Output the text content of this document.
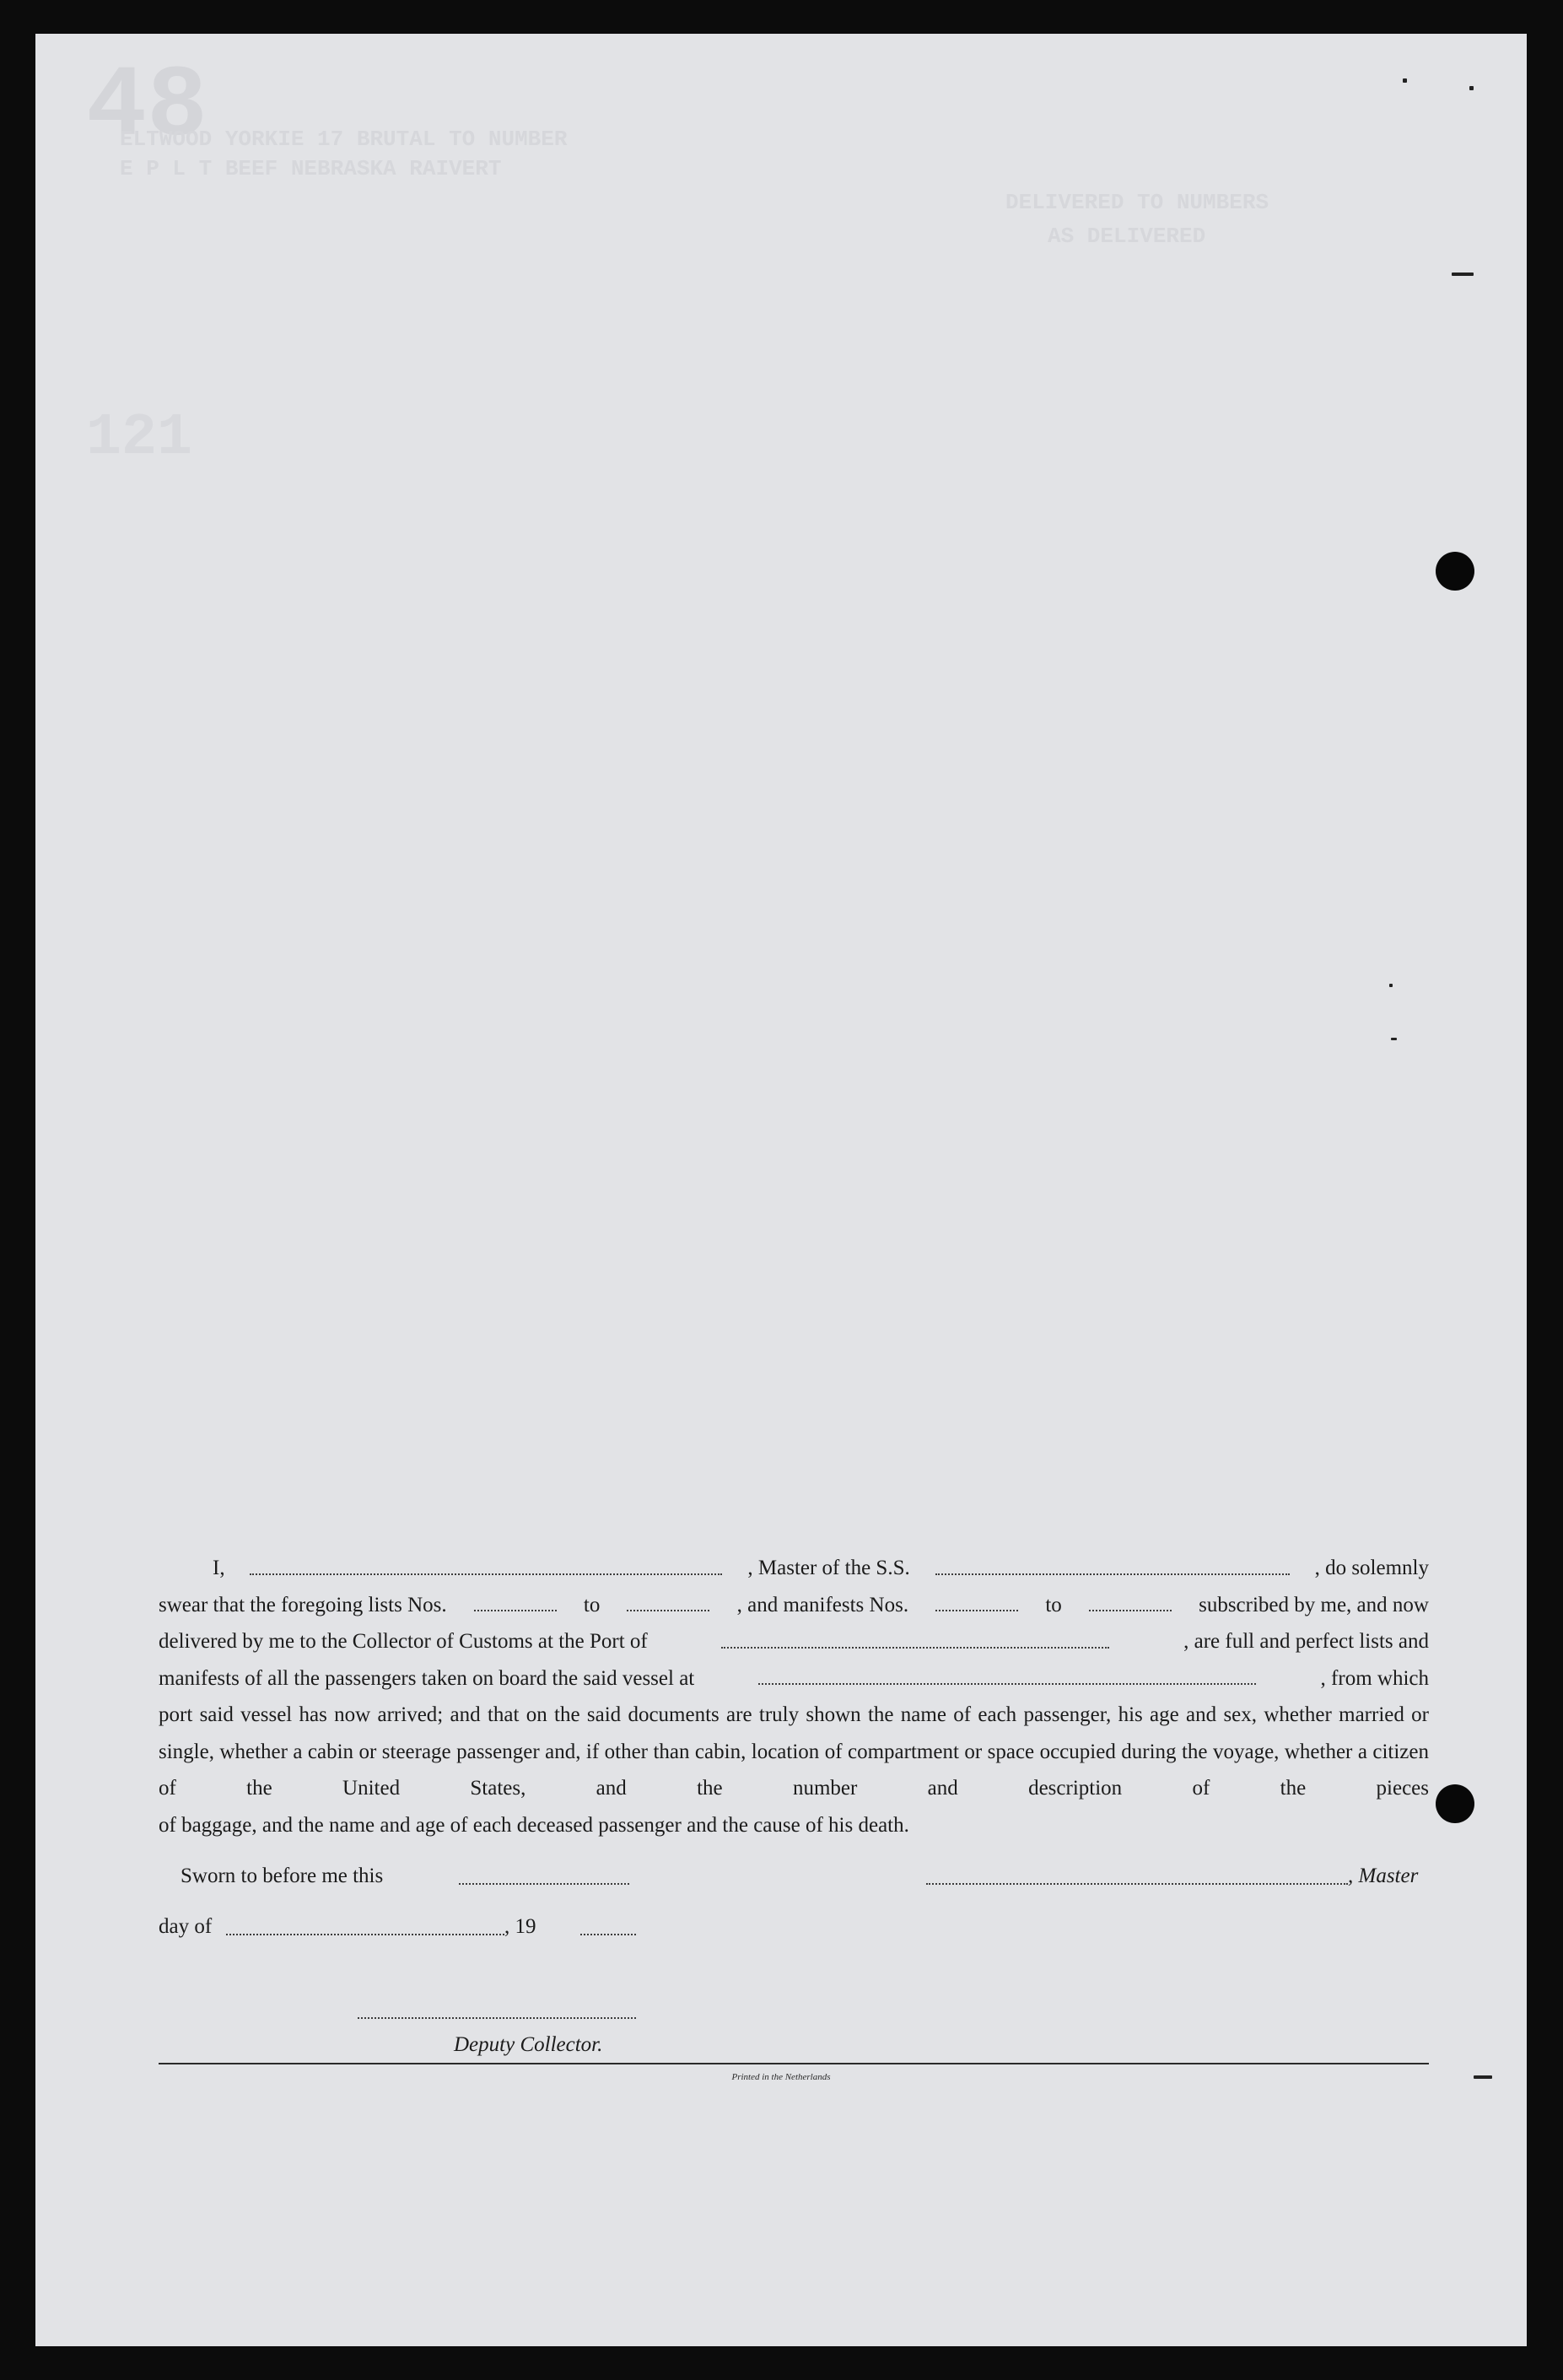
48
ELTWOOD YORKIE 17 BRUTAL TO NUMBER
E P L T BEEF NEBRASKA RAIVERT
DELIVERED TO NUMBERS
AS DELIVERED
121
I,	, Master of the S.S.	, do solemnly
swear that the foregoing lists Nos.	to	, and manifests Nos.	to	subscribed by me, and now
delivered by me to the Collector of Customs at the Port of	, are full and perfect lists and
manifests of all the passengers taken on board the said vessel at	, from which
port said vessel has now arrived; and that on the said documents are truly shown the name of each passenger, his age and sex, whether married or single, whether a cabin or steerage passenger and, if other than cabin, location of compartment or space occupied during the voyage, whether a citizen of the United States, and the number and description of the pieces
of baggage, and the name and age of each deceased passenger and the cause of his death.
Sworn to before me this	, Master
day of	, 19
Deputy Collector.
Printed in the Netherlands
